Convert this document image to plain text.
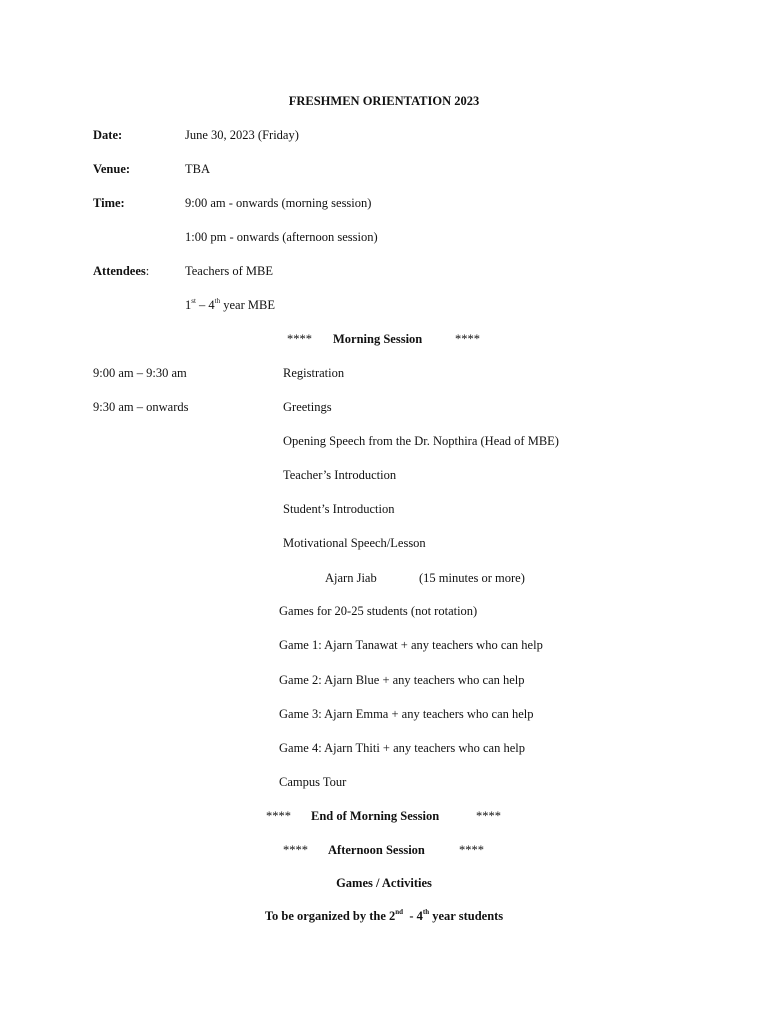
FRESHMEN ORIENTATION 2023
Date:	June 30, 2023 (Friday)
Venue:	TBA
Time:	9:00 am - onwards (morning session)
1:00 pm - onwards (afternoon session)
Attendees:	Teachers of MBE
1st – 4th year MBE
**** Morning Session	****
9:00 am – 9:30 am	Registration
9:30 am – onwards	Greetings
Opening Speech from the Dr. Nopthira (Head of MBE)
Teacher’s Introduction
Student’s Introduction
Motivational Speech/Lesson
Ajarn Jiab	(15 minutes or more)
Games for 20-25 students (not rotation)
Game 1: Ajarn Tanawat + any teachers who can help
Game 2: Ajarn Blue + any teachers who can help
Game 3: Ajarn Emma + any teachers who can help
Game 4: Ajarn Thiti + any teachers who can help
Campus Tour
**** End of Morning Session	****
**** Afternoon Session	****
Games / Activities
To be organized by the 2nd  - 4th year students
